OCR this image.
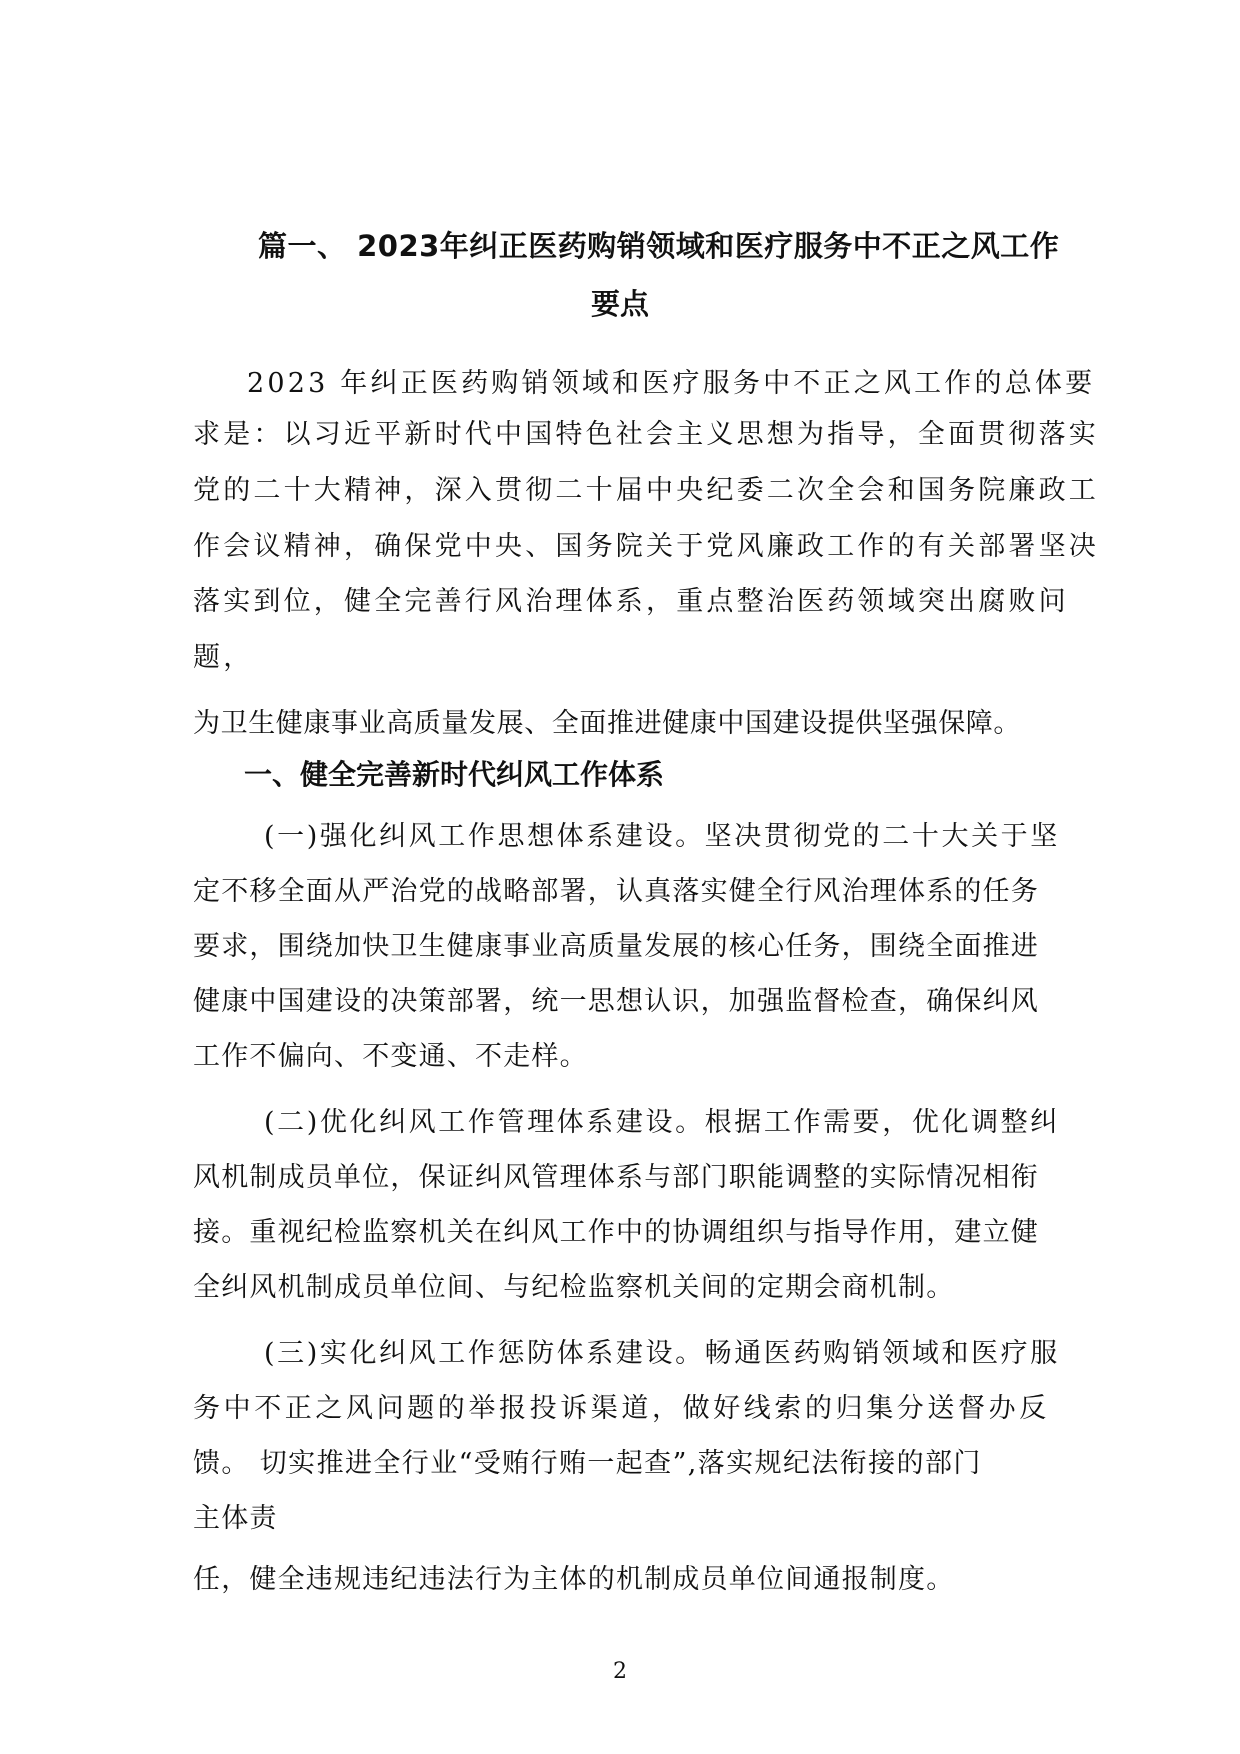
篇一、 2023年纠正医药购销领域和医疗服务中不正之风工作
要点
2023 年纠正医药购销领域和医疗服务中不正之风工作的总体要
求是：以习近平新时代中国特色社会主义思想为指导，全面贯彻落实
党的二十大精神，深入贯彻二十届中央纪委二次全会和国务院廉政工
作会议精神，确保党中央、国务院关于党风廉政工作的有关部署坚决
落实到位，健全完善行风治理体系，重点整治医药领域突出腐败问
题，
为卫生健康事业高质量发展、全面推进健康中国建设提供坚强保障。
一、健全完善新时代纠风工作体系
(一)强化纠风工作思想体系建设。坚决贯彻党的二十大关于坚
定不移全面从严治党的战略部署，认真落实健全行风治理体系的任务
要求，围绕加快卫生健康事业高质量发展的核心任务，围绕全面推进
健康中国建设的决策部署，统一思想认识，加强监督检查，确保纠风
工作不偏向、不变通、不走样。
(二)优化纠风工作管理体系建设。根据工作需要，优化调整纠
风机制成员单位，保证纠风管理体系与部门职能调整的实际情况相衔
接。重视纪检监察机关在纠风工作中的协调组织与指导作用，建立健
全纠风机制成员单位间、与纪检监察机关间的定期会商机制。
(三)实化纠风工作惩防体系建设。畅通医药购销领域和医疗服
务中不正之风问题的举报投诉渠道，做好线索的归集分送督办反
馈。 切实推进全行业“受贿行贿一起查”,落实规纪法衔接的部门
主体责
任，健全违规违纪违法行为主体的机制成员单位间通报制度。
2
